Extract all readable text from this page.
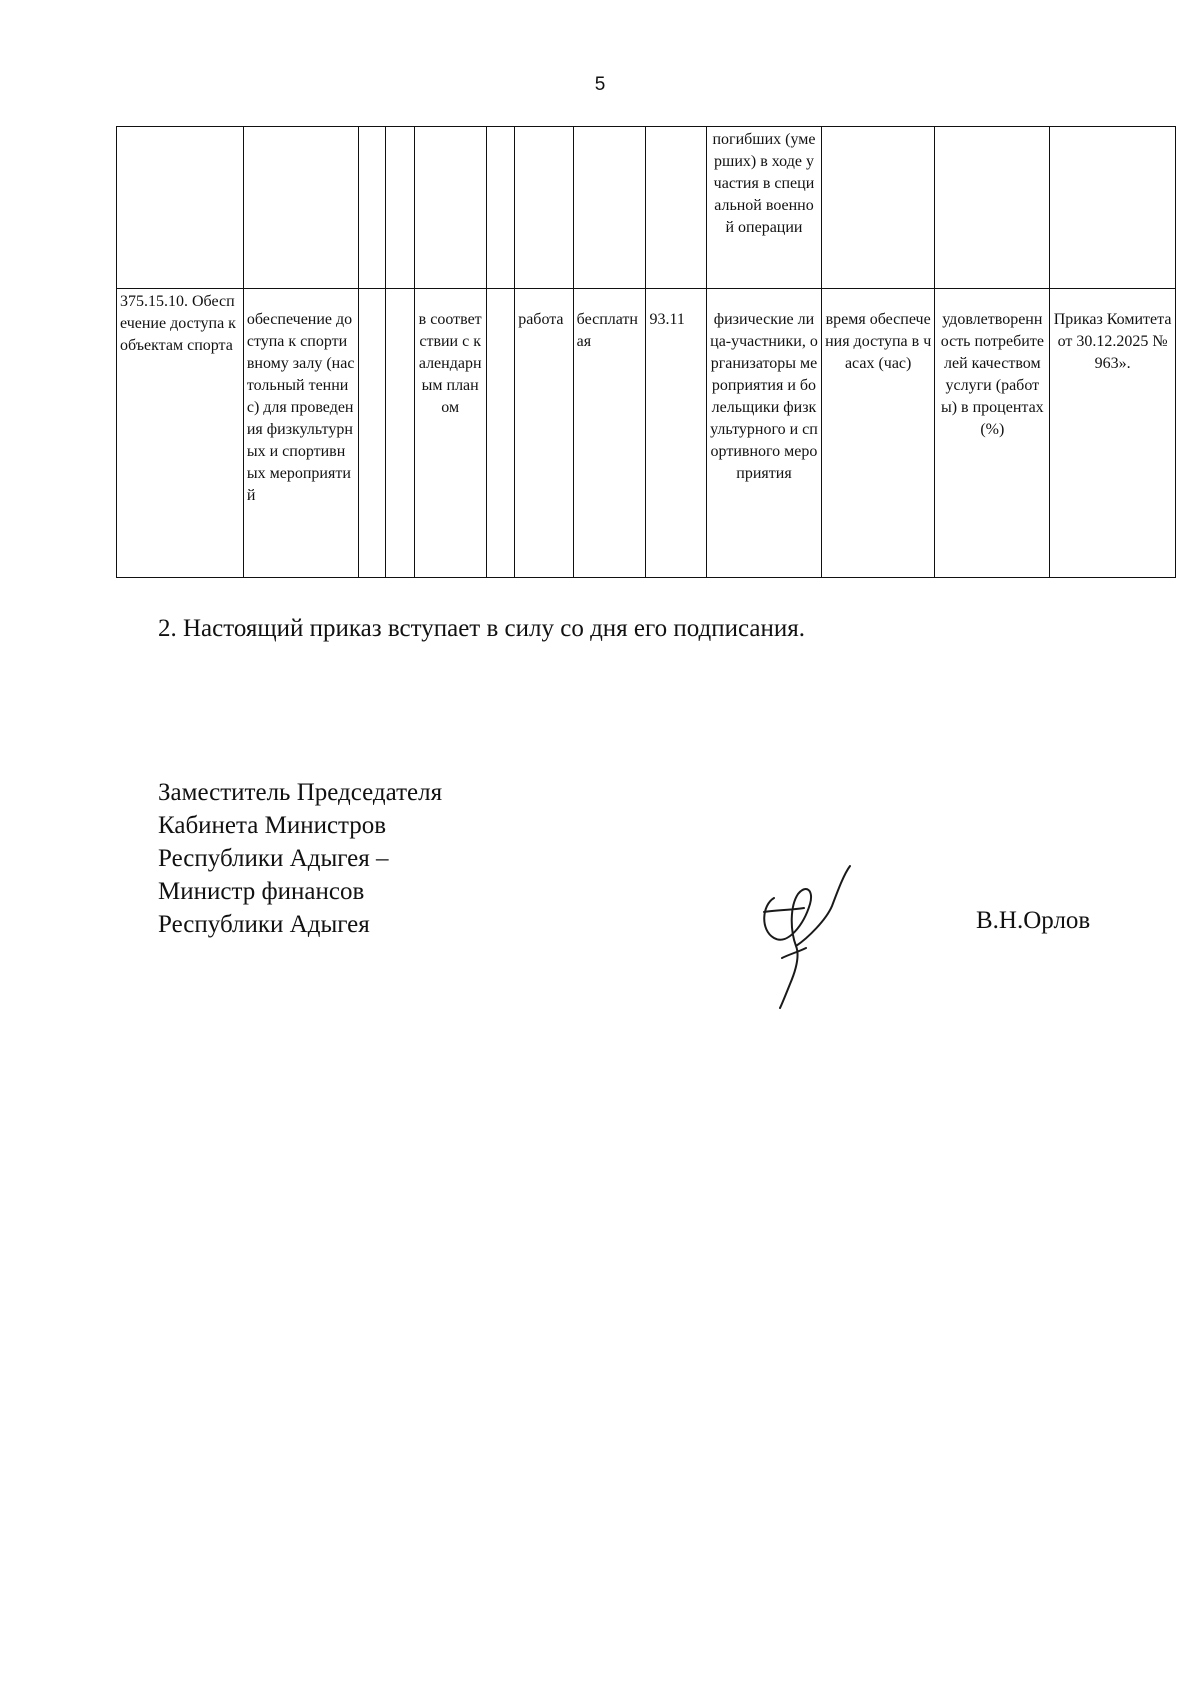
5
									погибших (умерших) в ходе участия в специальной военной операции			
375.15.10. Обеспечение доступа к объектам спорта	обеспечение доступа к спортивному залу (настольный теннис) для проведения физкультурных и спортивных мероприятий			в соответствии с календарным планом		работа	бесплатная	93.11	физические лица-участники, организаторы мероприятия и болельщики физкультурного и спортивного мероприятия	время обеспечения доступа в часах (час)	удовлетворенность потребителей качеством услуги (работы) в процентах (%)	Приказ Комитета от 30.12.2025 № 963».
2. Настоящий приказ вступает в силу со дня его подписания.
Заместитель Председателя
Кабинета Министров
Республики Адыгея –
Министр финансов
Республики Адыгея	В.Н.Орлов
